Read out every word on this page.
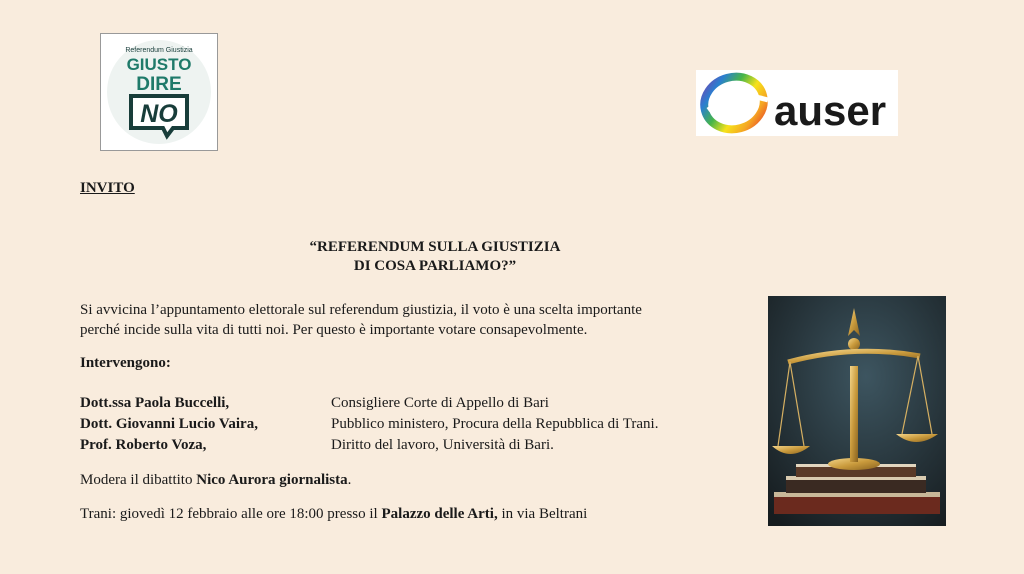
Referendum Giustizia
GIUSTO
DIRE
NO	auser
INVITO
“REFERENDUM SULLA GIUSTIZIA
DI COSA PARLIAMO?”
Si avvicina l’appuntamento elettorale sul referendum giustizia, il voto è una scelta importante
perché incide sulla vita di tutti noi. Per questo è importante votare consapevolmente.
Intervengono:
Dott.ssa Paola Buccelli,	Consigliere Corte di Appello di Bari
Dott. Giovanni Lucio Vaira,	Pubblico ministero, Procura della Repubblica di Trani.
Prof. Roberto Voza,	Diritto del lavoro, Università di Bari.
Modera il dibattito Nico Aurora giornalista.
Trani: giovedì 12 febbraio alle ore 18:00 presso il Palazzo delle Arti, in via Beltrani
